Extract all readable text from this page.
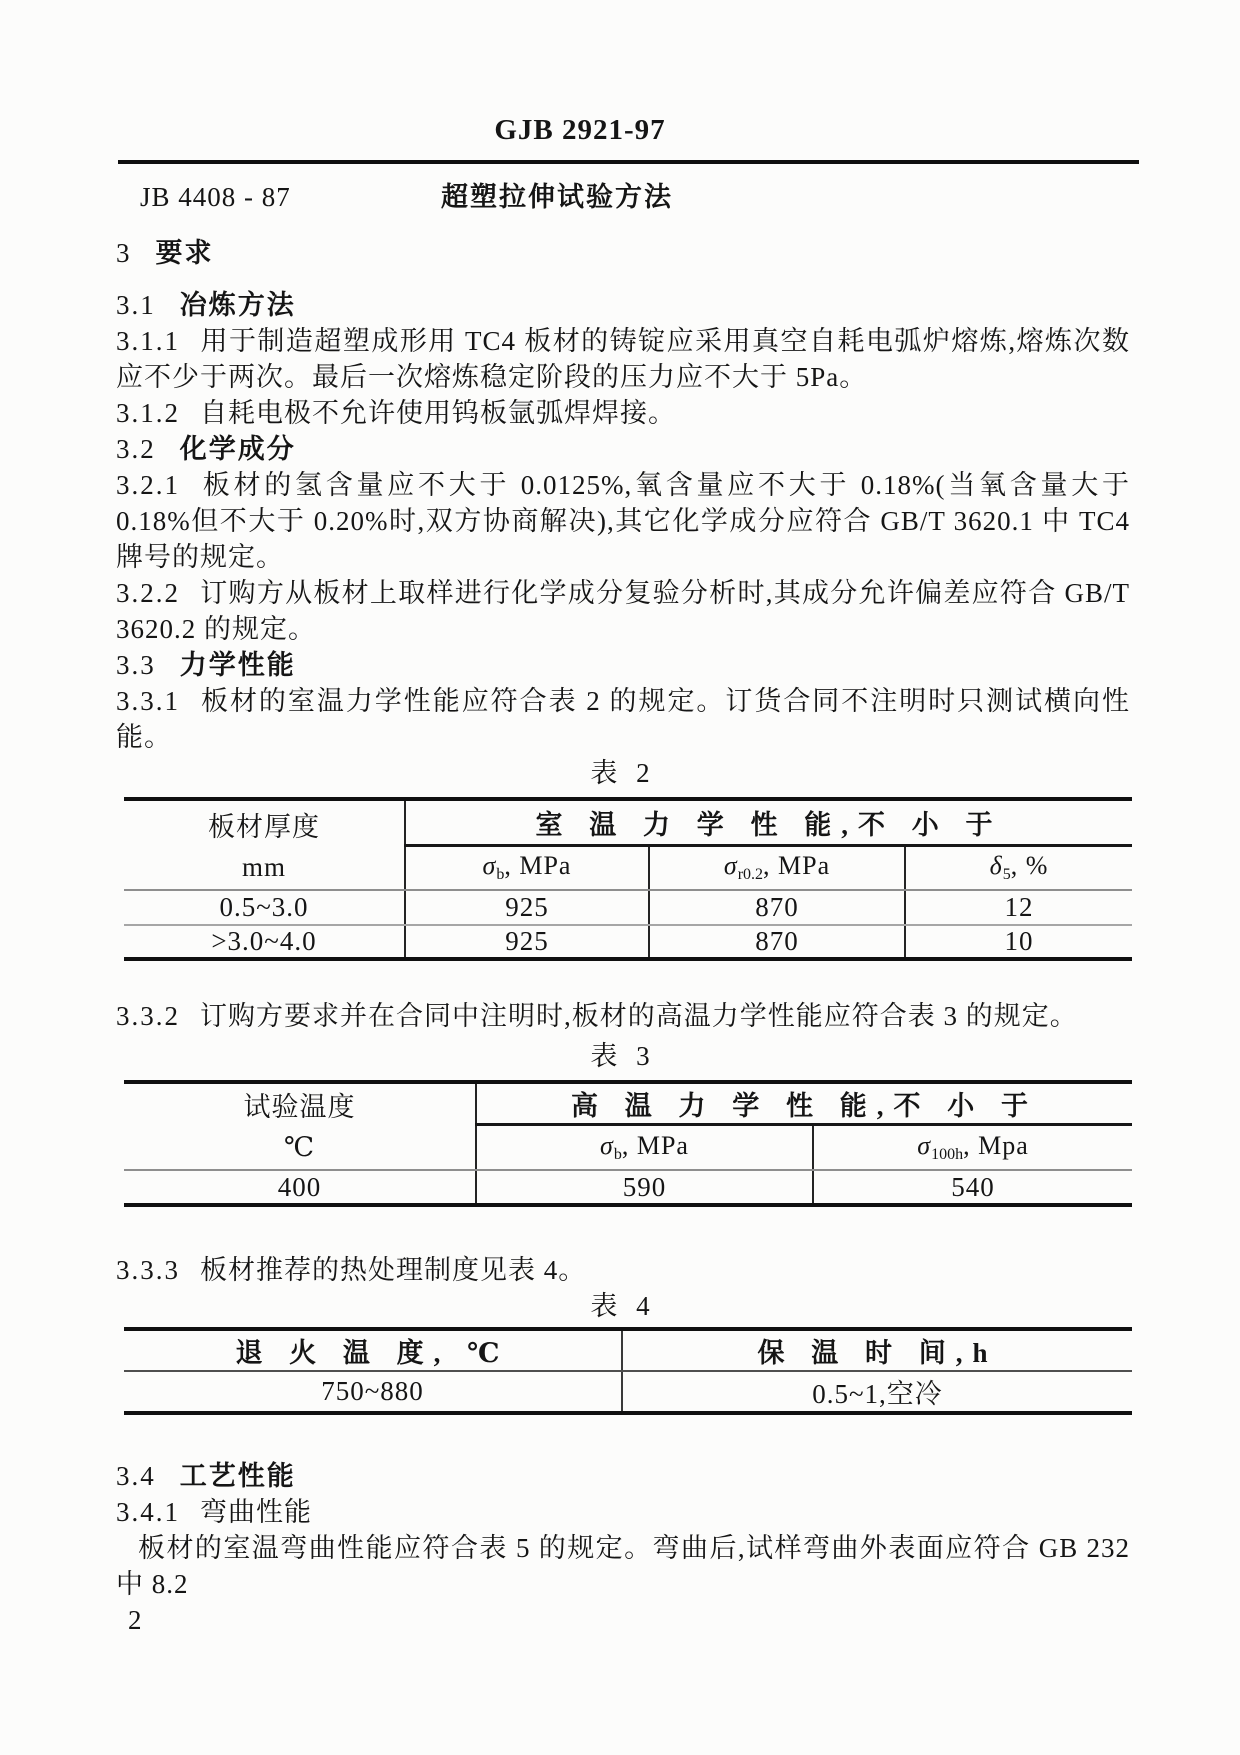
GJB 2921-97
JB 4408 - 87	超塑拉伸试验方法
3 要求
3.1 冶炼方法
3.1.1 用于制造超塑成形用 TC4 板材的铸锭应采用真空自耗电弧炉熔炼,熔炼次数应不少于两次。最后一次熔炼稳定阶段的压力应不大于 5Pa。
3.1.2 自耗电极不允许使用钨板氩弧焊焊接。
3.2 化学成分
3.2.1 板材的氢含量应不大于 0.0125%,氧含量应不大于 0.18%(当氧含量大于 0.18%但不大于 0.20%时,双方协商解决),其它化学成分应符合 GB/T 3620.1 中 TC4 牌号的规定。
3.2.2 订购方从板材上取样进行化学成分复验分析时,其成分允许偏差应符合 GB/T 3620.2 的规定。
3.3 力学性能
3.3.1 板材的室温力学性能应符合表 2 的规定。订货合同不注明时只测试横向性能。
表 2
板材厚度
mm	室 温 力 学 性 能,不 小 于		
	$\sigma_b$, MPa	$\sigma_{r0.2}$, MPa	$\delta_5$, %
0.5~3.0	925	870	12
>3.0~4.0	925	870	10
3.3.2 订购方要求并在合同中注明时,板材的高温力学性能应符合表 3 的规定。
表 3
试验温度
℃	高 温 力 学 性 能,不 小 于	
	$\sigma_b$, MPa	$\sigma_{100h}$, Mpa
400	590	540
3.3.3 板材推荐的热处理制度见表 4。
表 4
退 火 温 度, ℃	保 温 时 间,h
750~880	0.5~1,空冷
3.4 工艺性能
3.4.1 弯曲性能
板材的室温弯曲性能应符合表 5 的规定。弯曲后,试样弯曲外表面应符合 GB 232 中 8.2
2
